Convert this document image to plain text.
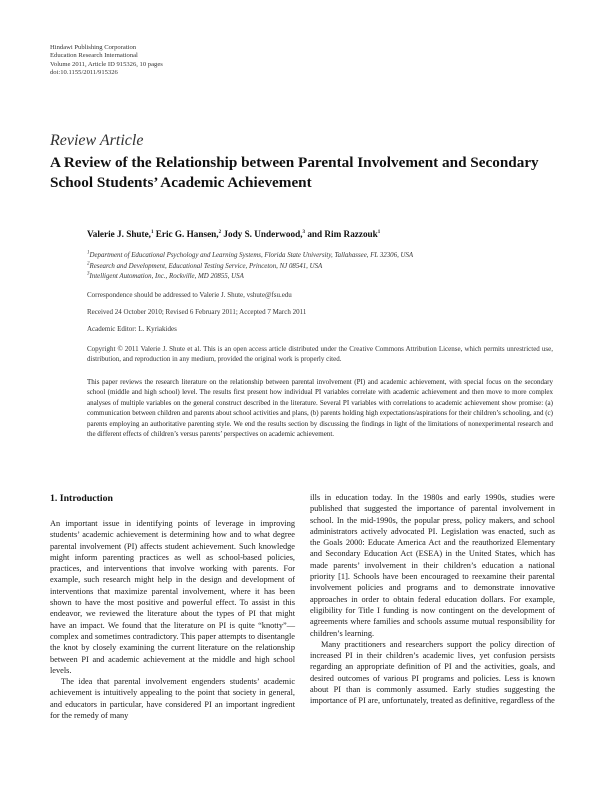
Hindawi Publishing Corporation
Education Research International
Volume 2011, Article ID 915326, 10 pages
doi:10.1155/2011/915326
Review Article
A Review of the Relationship between Parental Involvement and Secondary School Students’ Academic Achievement
Valerie J. Shute,$^1$ Eric G. Hansen,$^2$ Jody S. Underwood,$^3$ and Rim Razzouk$^1$
$^1$Department of Educational Psychology and Learning Systems, Florida State University, Tallahassee, FL 32306, USA
$^2$Research and Development, Educational Testing Service, Princeton, NJ 08541, USA
$^3$Intelligent Automation, Inc., Rockville, MD 20855, USA
Correspondence should be addressed to Valerie J. Shute, vshute@fsu.edu
Received 24 October 2010; Revised 6 February 2011; Accepted 7 March 2011
Academic Editor: L. Kyriakides
Copyright © 2011 Valerie J. Shute et al. This is an open access article distributed under the Creative Commons Attribution License, which permits unrestricted use, distribution, and reproduction in any medium, provided the original work is properly cited.
This paper reviews the research literature on the relationship between parental involvement (PI) and academic achievement, with special focus on the secondary school (middle and high school) level. The results first present how individual PI variables correlate with academic achievement and then move to more complex analyses of multiple variables on the general construct described in the literature. Several PI variables with correlations to academic achievement show promise: (a) communication between children and parents about school activities and plans, (b) parents holding high expectations/aspirations for their children’s schooling, and (c) parents employing an authoritative parenting style. We end the results section by discussing the findings in light of the limitations of nonexperimental research and the different effects of children’s versus parents’ perspectives on academic achievement.
1. Introduction

An important issue in identifying points of leverage in improving students’ academic achievement is determining how and to what degree parental involvement (PI) affects student achievement. Such knowledge might inform parenting practices as well as school-based policies, practices, and interventions that involve working with parents. For example, such research might help in the design and development of interventions that maximize parental involvement, where it has been shown to have the most positive and powerful effect. To assist in this endeavor, we reviewed the literature about the types of PI that might have an impact. We found that the literature on PI is quite “knotty”—complex and sometimes contradictory. This paper attempts to disentangle the knot by closely examining the current literature on the relationship between PI and academic achievement at the middle and high school levels.

The idea that parental involvement engenders students’ academic achievement is intuitively appealing to the point that society in general, and educators in particular, have considered PI an important ingredient for the remedy of many

ills in education today. In the 1980s and early 1990s, studies were published that suggested the importance of parental involvement in school. In the mid-1990s, the popular press, policy makers, and school administrators actively advocated PI. Legislation was enacted, such as the Goals 2000: Educate America Act and the reauthorized Elementary and Secondary Education Act (ESEA) in the United States, which has made parents’ involvement in their children’s education a national priority [1]. Schools have been encouraged to reexamine their parental involvement policies and programs and to demonstrate innovative approaches in order to obtain federal education dollars. For example, eligibility for Title I funding is now contingent on the development of agreements where families and schools assume mutual responsibility for children’s learning.

Many practitioners and researchers support the policy direction of increased PI in their children’s academic lives, yet confusion persists regarding an appropriate definition of PI and the activities, goals, and desired outcomes of various PI programs and policies. Less is known about PI than is commonly assumed. Early studies suggesting the importance of PI are, unfortunately, treated as definitive, regardless of the
